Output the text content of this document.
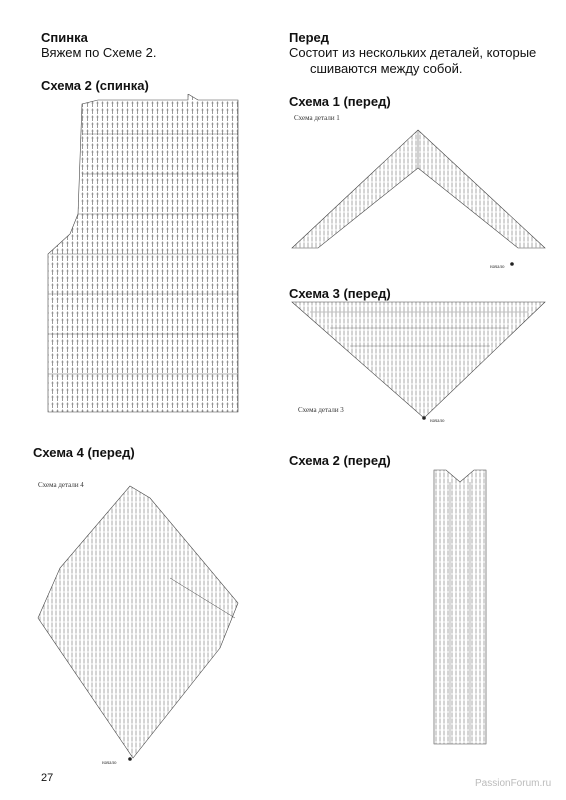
Спинка
Вяжем по Схеме 2.
Схема 2 (спинка)
Перед
Состоит из нескольких деталей, которые
сшиваются между собой.
Схема 1 (перед)
Схема детали 1
начало
Схема 3 (перед)
Схема детали 3
начало
Схема 4 (перед)
Схема 2 (перед)
Схема детали 4
начало
27	PassionForum.ru
